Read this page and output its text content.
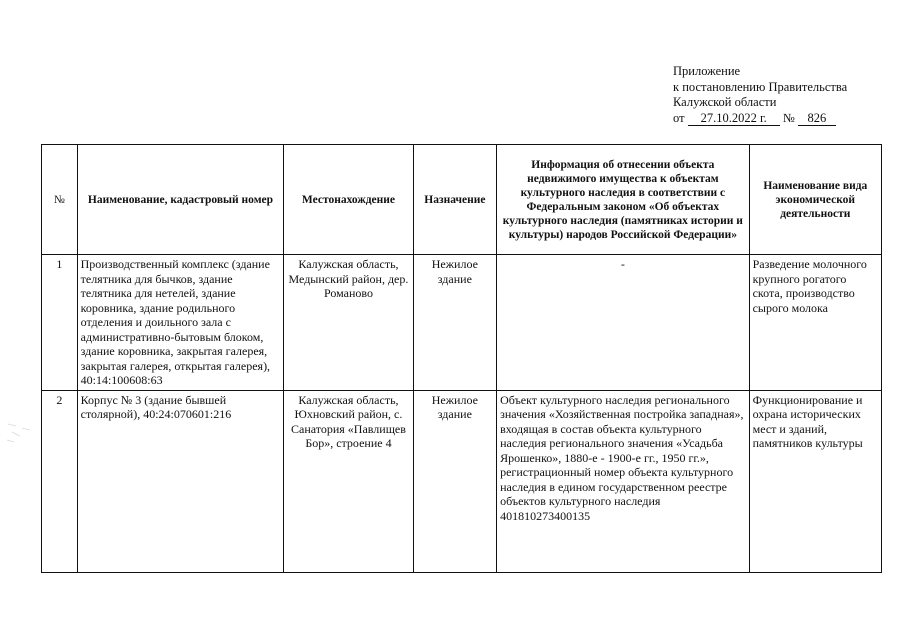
Приложение
к постановлению Правительства
Калужской области
от 27.10.2022 г. № 826
№	Наименование, кадастровый номер	Местонахождение	Назначение	Информация об отнесении объекта недвижимого имущества к объектам культурного наследия в соответствии с Федеральным законом «Об объектах культурного наследия (памятниках истории и культуры) народов Российской Федерации»	Наименование вида экономической деятельности
1	Производственный комплекс (здание телятника для бычков, здание телятника для нетелей, здание коровника, здание родильного отделения и доильного зала с административно-бытовым блоком, здание коровника, закрытая галерея, закрытая галерея, открытая галерея), 40:14:100608:63	Калужская область, Медынский район, дер. Романово	Нежилое здание	-	Разведение молочного крупного рогатого скота, производство сырого молока
2	Корпус № 3 (здание бывшей столярной), 40:24:070601:216	Калужская область, Юхновский район, с. Санатория «Павлищев Бор», строение 4	Нежилое здание	Объект культурного наследия регионального значения «Хозяйственная постройка западная», входящая в состав объекта культурного наследия регионального значения «Усадьба Ярошенко», 1880-е - 1900-е гг., 1950 гг.», регистрационный номер объекта культурного наследия в едином государственном реестре объектов культурного наследия 401810273400135	Функционирование и охрана исторических мест и зданий, памятников культуры
